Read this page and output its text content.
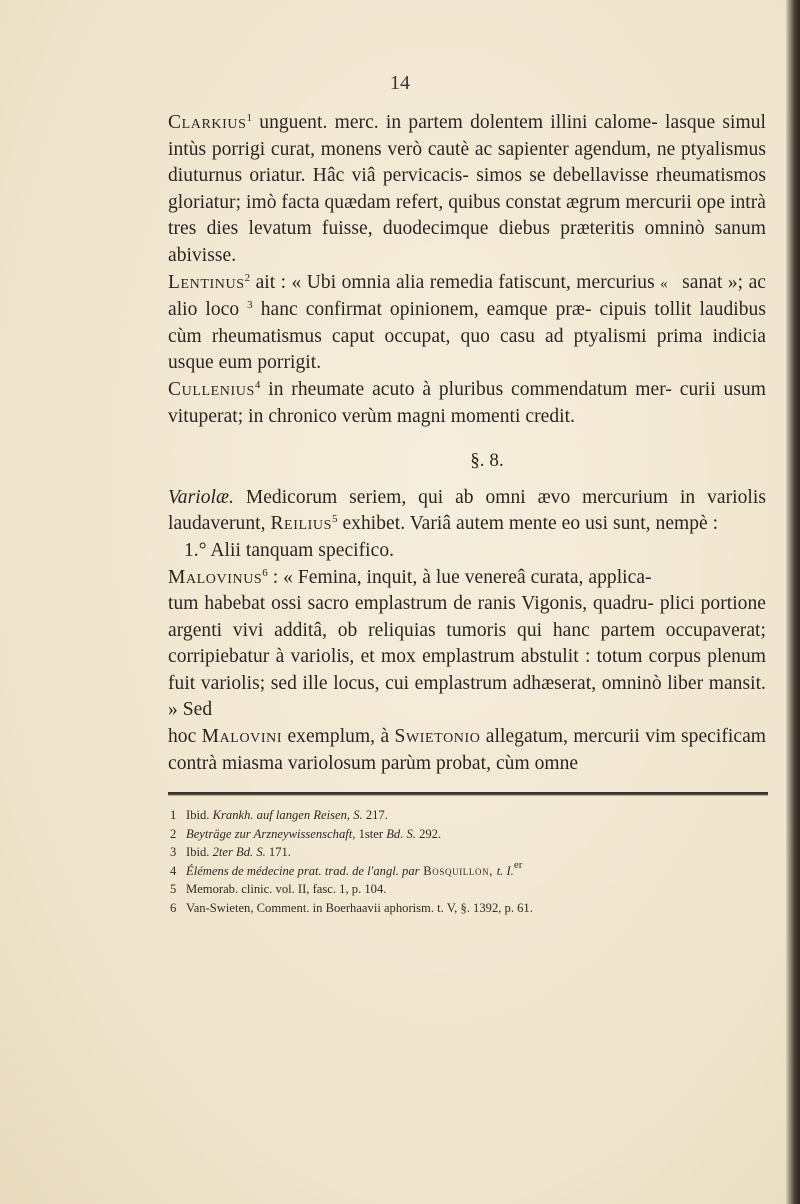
14

Clarkius$^1$ unguent. merc. in partem dolentem illini calome- lasque simul intùs porrigi curat, monens verò cautè ac sapienter agendum, ne ptyalismus diuturnus oriatur. Hâc viâ pervicacis- simos se debellavisse rheumatismos gloriatur; imò facta quædam refert, quibus constat ægrum mercurii ope intrà tres dies levatum fuisse, duodecimque diebus præteritis omninò sanum abivisse.

Lentinus$^2$ ait : « Ubi omnia alia remedia fatiscunt, mercurius « sanat »; ac alio loco $^3$ hanc confirmat opinionem, eamque præ- cipuis tollit laudibus cùm rheumatismus caput occupat, quo casu ad ptyalismi prima indicia usque eum porrigit.

Cullenius$^4$ in rheumate acuto à pluribus commendatum mer- curii usum vituperat; in chronico verùm magni momenti credit.

§. 8.

Variolæ. Medicorum seriem, qui ab omni ævo mercurium in variolis laudaverunt, Reilius$^5$ exhibet. Variâ autem mente eo usi sunt, nempè :

1.° Alii tanquam specifico.

Malovinus$^6$ : « Femina, inquit, à lue venereâ curata, applica-

tum habebat ossi sacro emplastrum de ranis Vigonis, quadru- plici portione argenti vivi additâ, ob reliquias tumoris qui hanc partem occupaverat; corripiebatur à variolis, et mox emplastrum abstulit : totum corpus plenum fuit variolis; sed ille locus, cui emplastrum adhæserat, omninò liber mansit. » Sed

hoc Malovini exemplum, à Swietonio allegatum, mercurii vim specificam contrà miasma variolosum parùm probat, cùm omne

1 Ibid. Krankh. auf langen Reisen, S. 217.
2 Beyträge zur Arzneywissenschaft, 1ster Bd. S. 292.
3 Ibid. 2ter Bd. S. 171.
4 Élémens de médecine prat. trad. de l'angl. par Bosquillon, t. I.$^{er}$
5 Memorab. clinic. vol. II, fasc. 1, p. 104.
6 Van-Swieten, Comment. in Boerhaavii aphorism. t. V, §. 1392, p. 61.
